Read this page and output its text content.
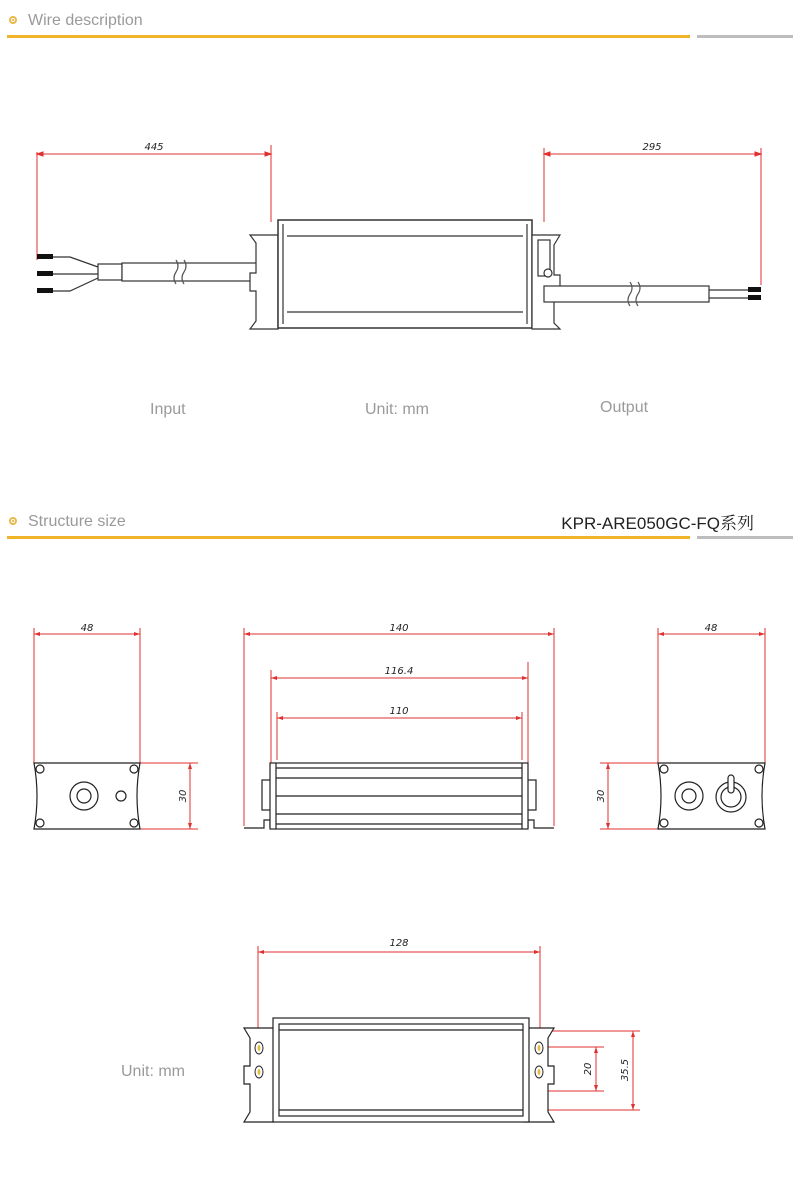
Wire description
445	295
Input	Unit: mm	Output
Structure size	KPR-ARE050GC-FQ系列
48
30
140
116.4
110
48
30
128
20	35.5
Unit: mm
